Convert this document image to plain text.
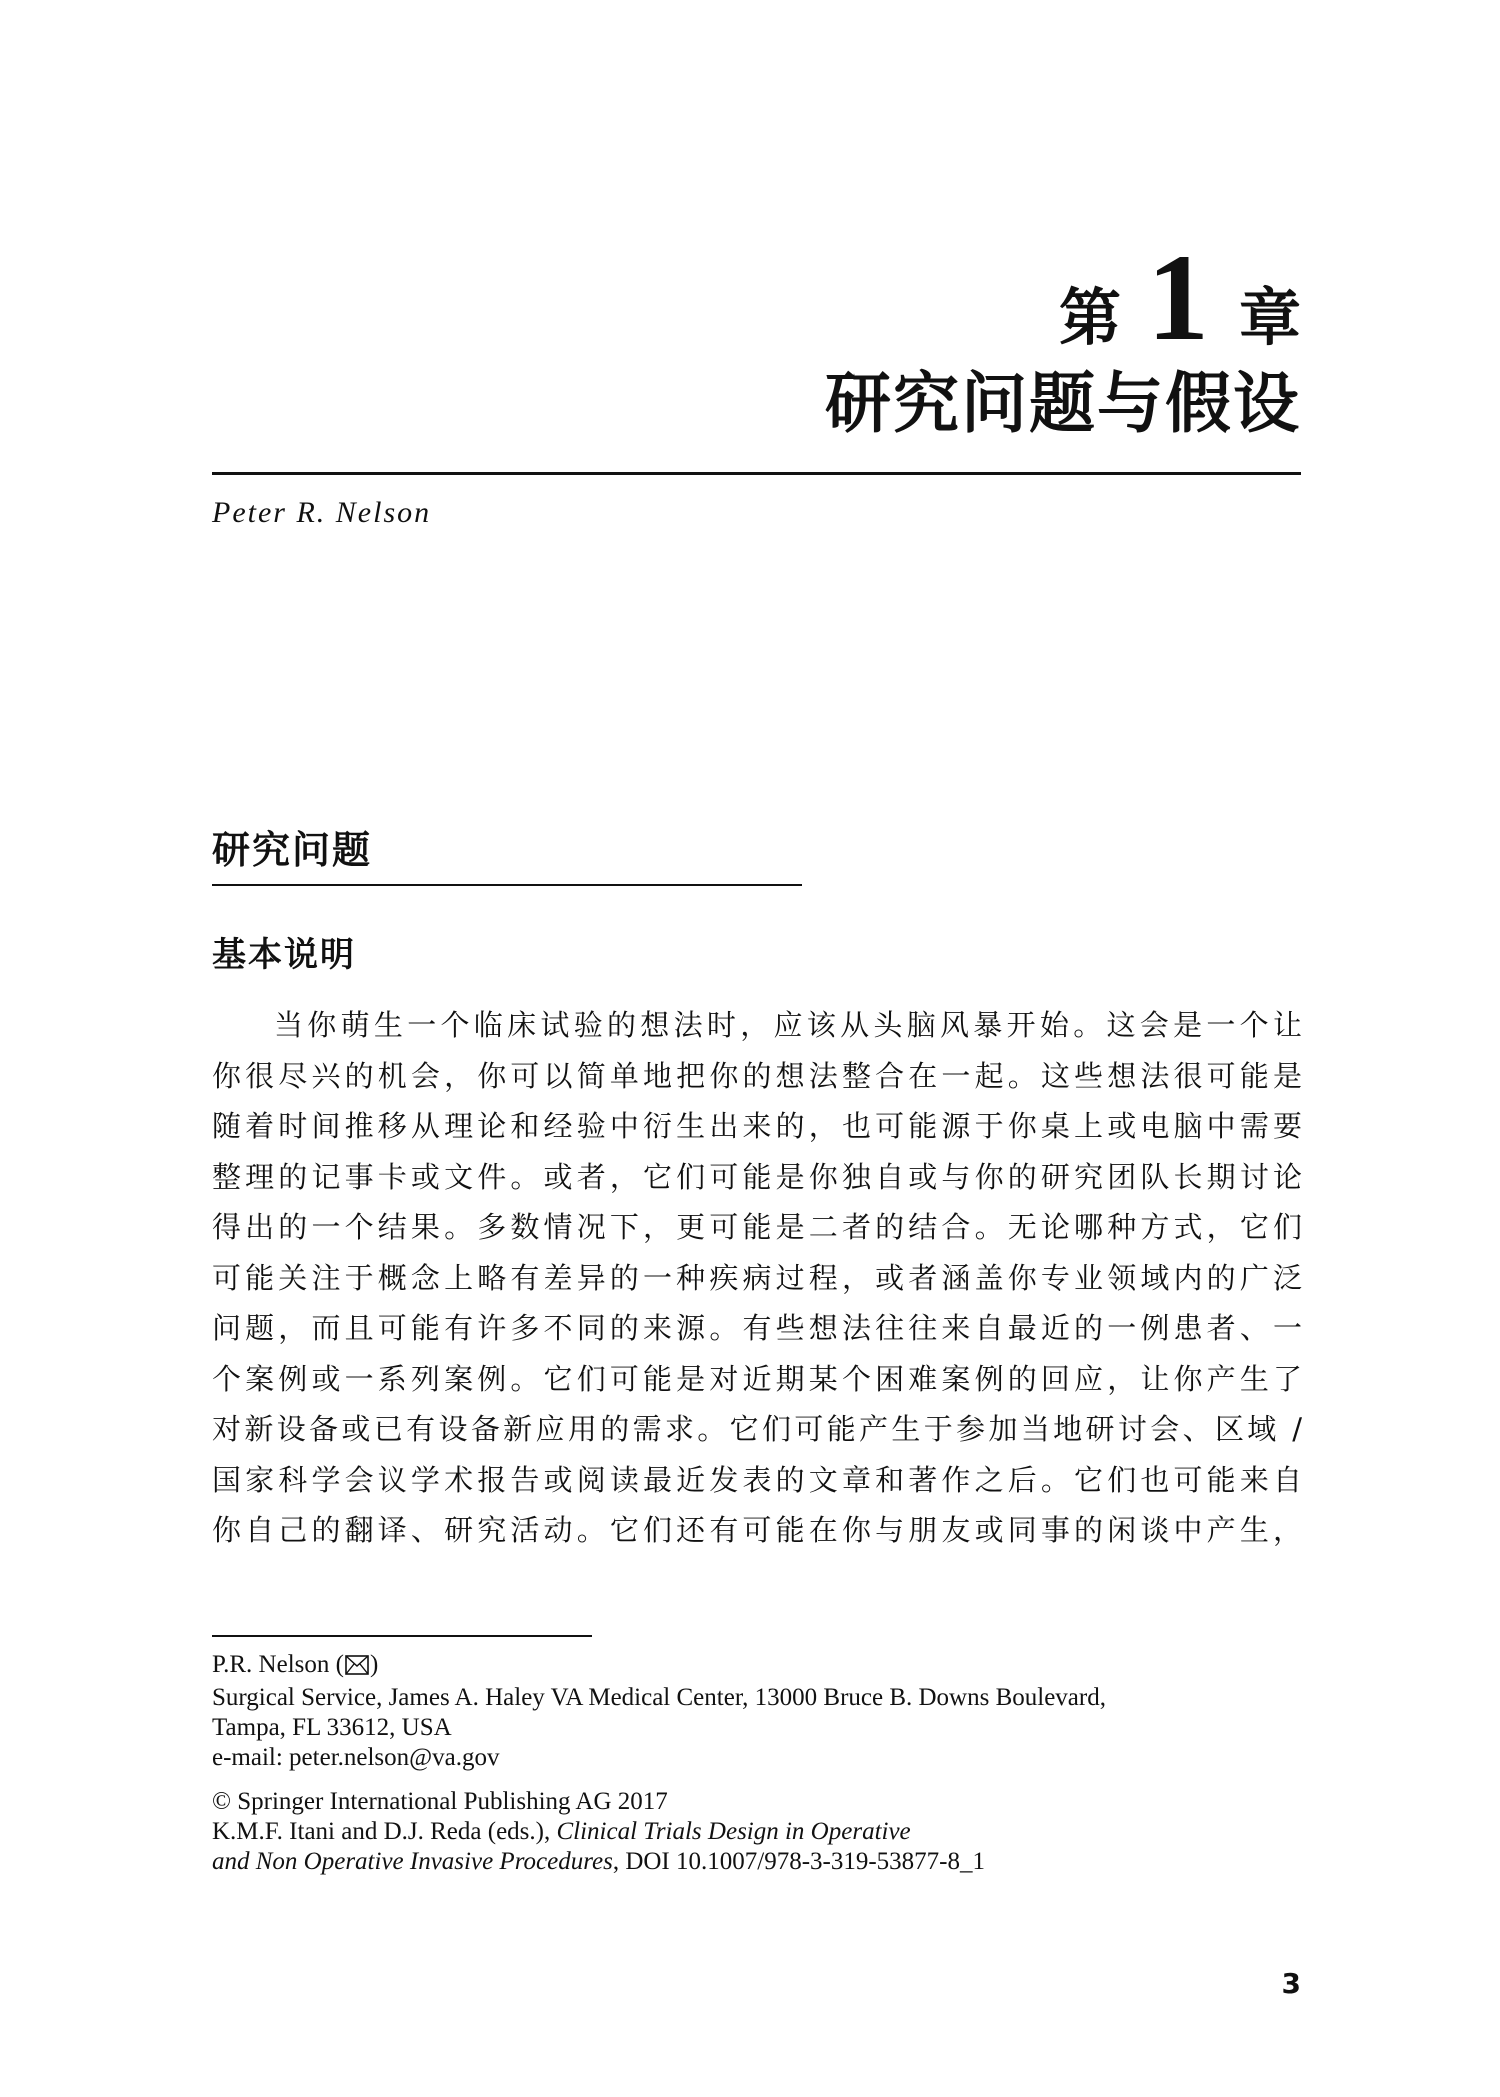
第 1 章
研究问题与假设
Peter R. Nelson
研究问题
基本说明
当你萌生一个临床试验的想法时，应该从头脑风暴开始。这会是一个让
你很尽兴的机会，你可以简单地把你的想法整合在一起。这些想法很可能是
随着时间推移从理论和经验中衍生出来的，也可能源于你桌上或电脑中需要
整理的记事卡或文件。或者，它们可能是你独自或与你的研究团队长期讨论
得出的一个结果。多数情况下，更可能是二者的结合。无论哪种方式，它们
可能关注于概念上略有差异的一种疾病过程，或者涵盖你专业领域内的广泛
问题，而且可能有许多不同的来源。有些想法往往来自最近的一例患者、一
个案例或一系列案例。它们可能是对近期某个困难案例的回应，让你产生了
对新设备或已有设备新应用的需求。它们可能产生于参加当地研讨会、区域 /
国家科学会议学术报告或阅读最近发表的文章和著作之后。它们也可能来自
你自己的翻译、研究活动。它们还有可能在你与朋友或同事的闲谈中产生，
P.R. Nelson ( )
Surgical Service, James A. Haley VA Medical Center, 13000 Bruce B. Downs Boulevard,
Tampa, FL 33612, USA
e-mail: peter.nelson@va.gov
© Springer International Publishing AG 2017
K.M.F. Itani and D.J. Reda (eds.), Clinical Trials Design in Operative
and Non Operative Invasive Procedures, DOI 10.1007/978-3-319-53877-8_1
3
